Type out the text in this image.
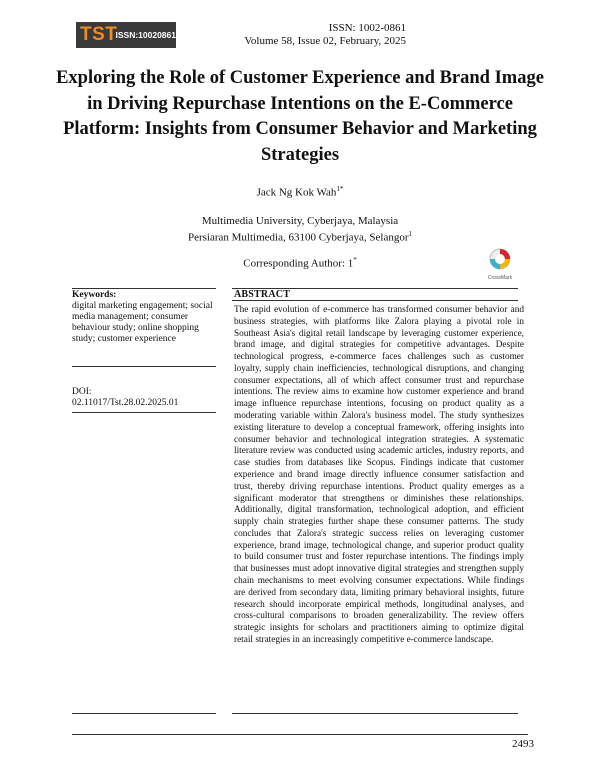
TST
ISSN:10020861
ISSN: 1002-0861
Volume 58, Issue 02, February, 2025
Exploring the Role of Customer Experience and Brand Image in Driving Repurchase Intentions on the E-Commerce Platform: Insights from Consumer Behavior and Marketing Strategies
Jack Ng Kok Wah$^{1*}$
Multimedia University, Cyberjaya, Malaysia
Persiaran Multimedia, 63100 Cyberjaya, Selangor$^1$
Corresponding Author: 1*
CrossMark
Keywords:
digital marketing engagement; social media management; consumer behaviour study; online shopping study; customer experience
DOI:
02.11017/Tst.28.02.2025.01
ABSTRACT
The rapid evolution of e-commerce has transformed consumer behavior and business strategies, with platforms like Zalora playing a pivotal role in Southeast Asia's digital retail landscape by leveraging customer experience, brand image, and digital strategies for competitive advantages. Despite technological progress, e-commerce faces challenges such as customer loyalty, supply chain inefficiencies, technological disruptions, and changing consumer expectations, all of which affect consumer trust and repurchase intentions. The review aims to examine how customer experience and brand image influence repurchase intentions, focusing on product quality as a moderating variable within Zalora's business model. The study synthesizes existing literature to develop a conceptual framework, offering insights into consumer behavior and technological integration strategies. A systematic literature review was conducted using academic articles, industry reports, and case studies from databases like Scopus. Findings indicate that customer experience and brand image directly influence consumer satisfaction and trust, thereby driving repurchase intentions. Product quality emerges as a significant moderator that strengthens or diminishes these relationships. Additionally, digital transformation, technological adoption, and efficient supply chain strategies further shape these consumer patterns. The study concludes that Zalora's strategic success relies on leveraging customer experience, brand image, technological change, and superior product quality to build consumer trust and foster repurchase intentions. The findings imply that businesses must adopt innovative digital strategies and strengthen supply chain mechanisms to meet evolving consumer expectations. While findings are derived from secondary data, limiting primary behavioral insights, future research should incorporate empirical methods, longitudinal analyses, and cross-cultural comparisons to broaden generalizability. The review offers strategic insights for scholars and practitioners aiming to optimize digital retail strategies in an increasingly competitive e-commerce landscape.
2493
